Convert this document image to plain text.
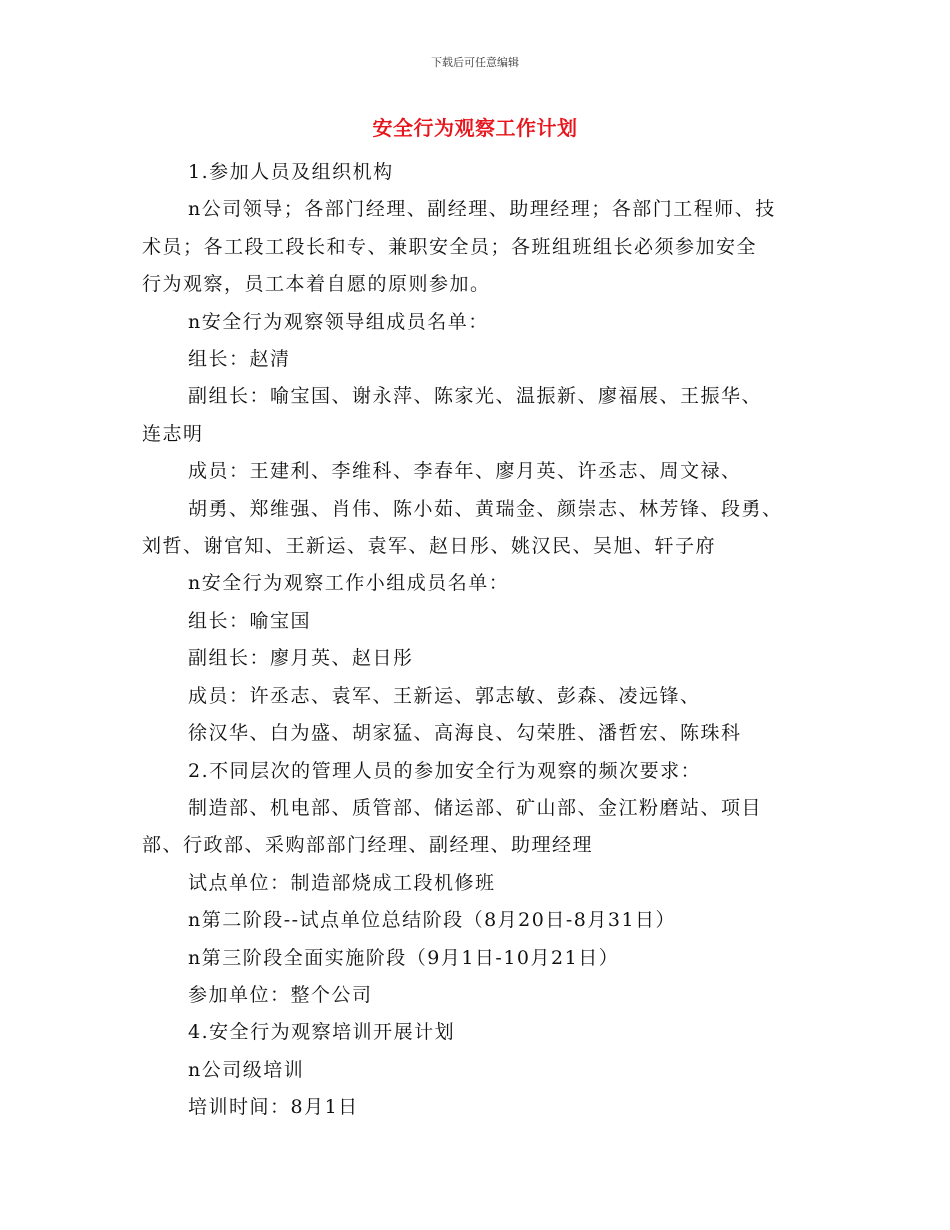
下载后可任意编辑
安全行为观察工作计划

1.参加人员及组织机构

n公司领导；各部门经理、副经理、助理经理；各部门工程师、技

术员；各工段工段长和专、兼职安全员；各班组班组长必须参加安全

行为观察，员工本着自愿的原则参加。

n安全行为观察领导组成员名单：

组长：赵清

副组长：喻宝国、谢永萍、陈家光、温振新、廖福展、王振华、

连志明

成员：王建利、李维科、李春年、廖月英、许丞志、周文禄、

胡勇、郑维强、肖伟、陈小茹、黄瑞金、颜崇志、林芳锋、段勇、

刘哲、谢官知、王新运、袁军、赵日彤、姚汉民、吴旭、轩子府

n安全行为观察工作小组成员名单：

组长：喻宝国

副组长：廖月英、赵日彤

成员：许丞志、袁军、王新运、郭志敏、彭森、凌远锋、

徐汉华、白为盛、胡家猛、高海良、勾荣胜、潘哲宏、陈珠科

2.不同层次的管理人员的参加安全行为观察的频次要求：

制造部、机电部、质管部、储运部、矿山部、金江粉磨站、项目

部、行政部、采购部部门经理、副经理、助理经理

试点单位：制造部烧成工段机修班

n第二阶段--试点单位总结阶段（8月20日-8月31日）

n第三阶段全面实施阶段（9月1日-10月21日）

参加单位：整个公司

4.安全行为观察培训开展计划

n公司级培训

培训时间：8月1日
